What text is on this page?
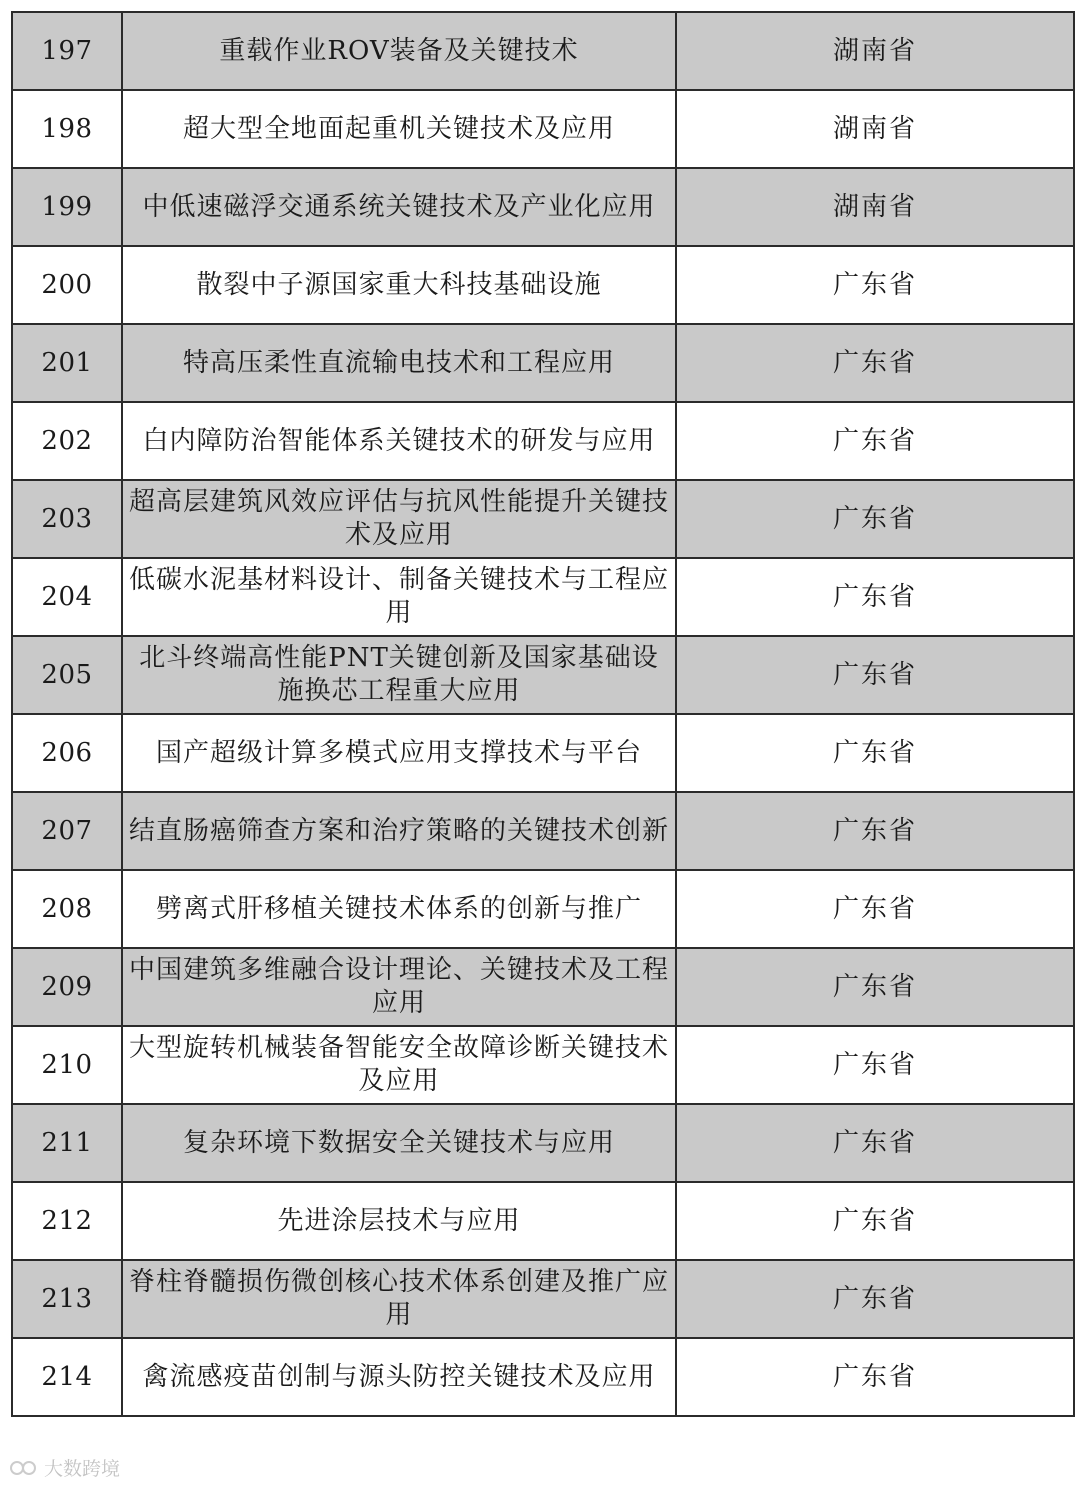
197	重载作业ROV装备及关键技术	湖南省
198	超大型全地面起重机关键技术及应用	湖南省
199	中低速磁浮交通系统关键技术及产业化应用	湖南省
200	散裂中子源国家重大科技基础设施	广东省
201	特高压柔性直流输电技术和工程应用	广东省
202	白内障防治智能体系关键技术的研发与应用	广东省
203	超高层建筑风效应评估与抗风性能提升关键技术及应用	广东省
204	低碳水泥基材料设计、制备关键技术与工程应用	广东省
205	北斗终端高性能PNT关键创新及国家基础设施换芯工程重大应用	广东省
206	国产超级计算多模式应用支撑技术与平台	广东省
207	结直肠癌筛查方案和治疗策略的关键技术创新	广东省
208	劈离式肝移植关键技术体系的创新与推广	广东省
209	中国建筑多维融合设计理论、关键技术及工程应用	广东省
210	大型旋转机械装备智能安全故障诊断关键技术及应用	广东省
211	复杂环境下数据安全关键技术与应用	广东省
212	先进涂层技术与应用	广东省
213	脊柱脊髓损伤微创核心技术体系创建及推广应用	广东省
214	禽流感疫苗创制与源头防控关键技术及应用	广东省
大数跨境
